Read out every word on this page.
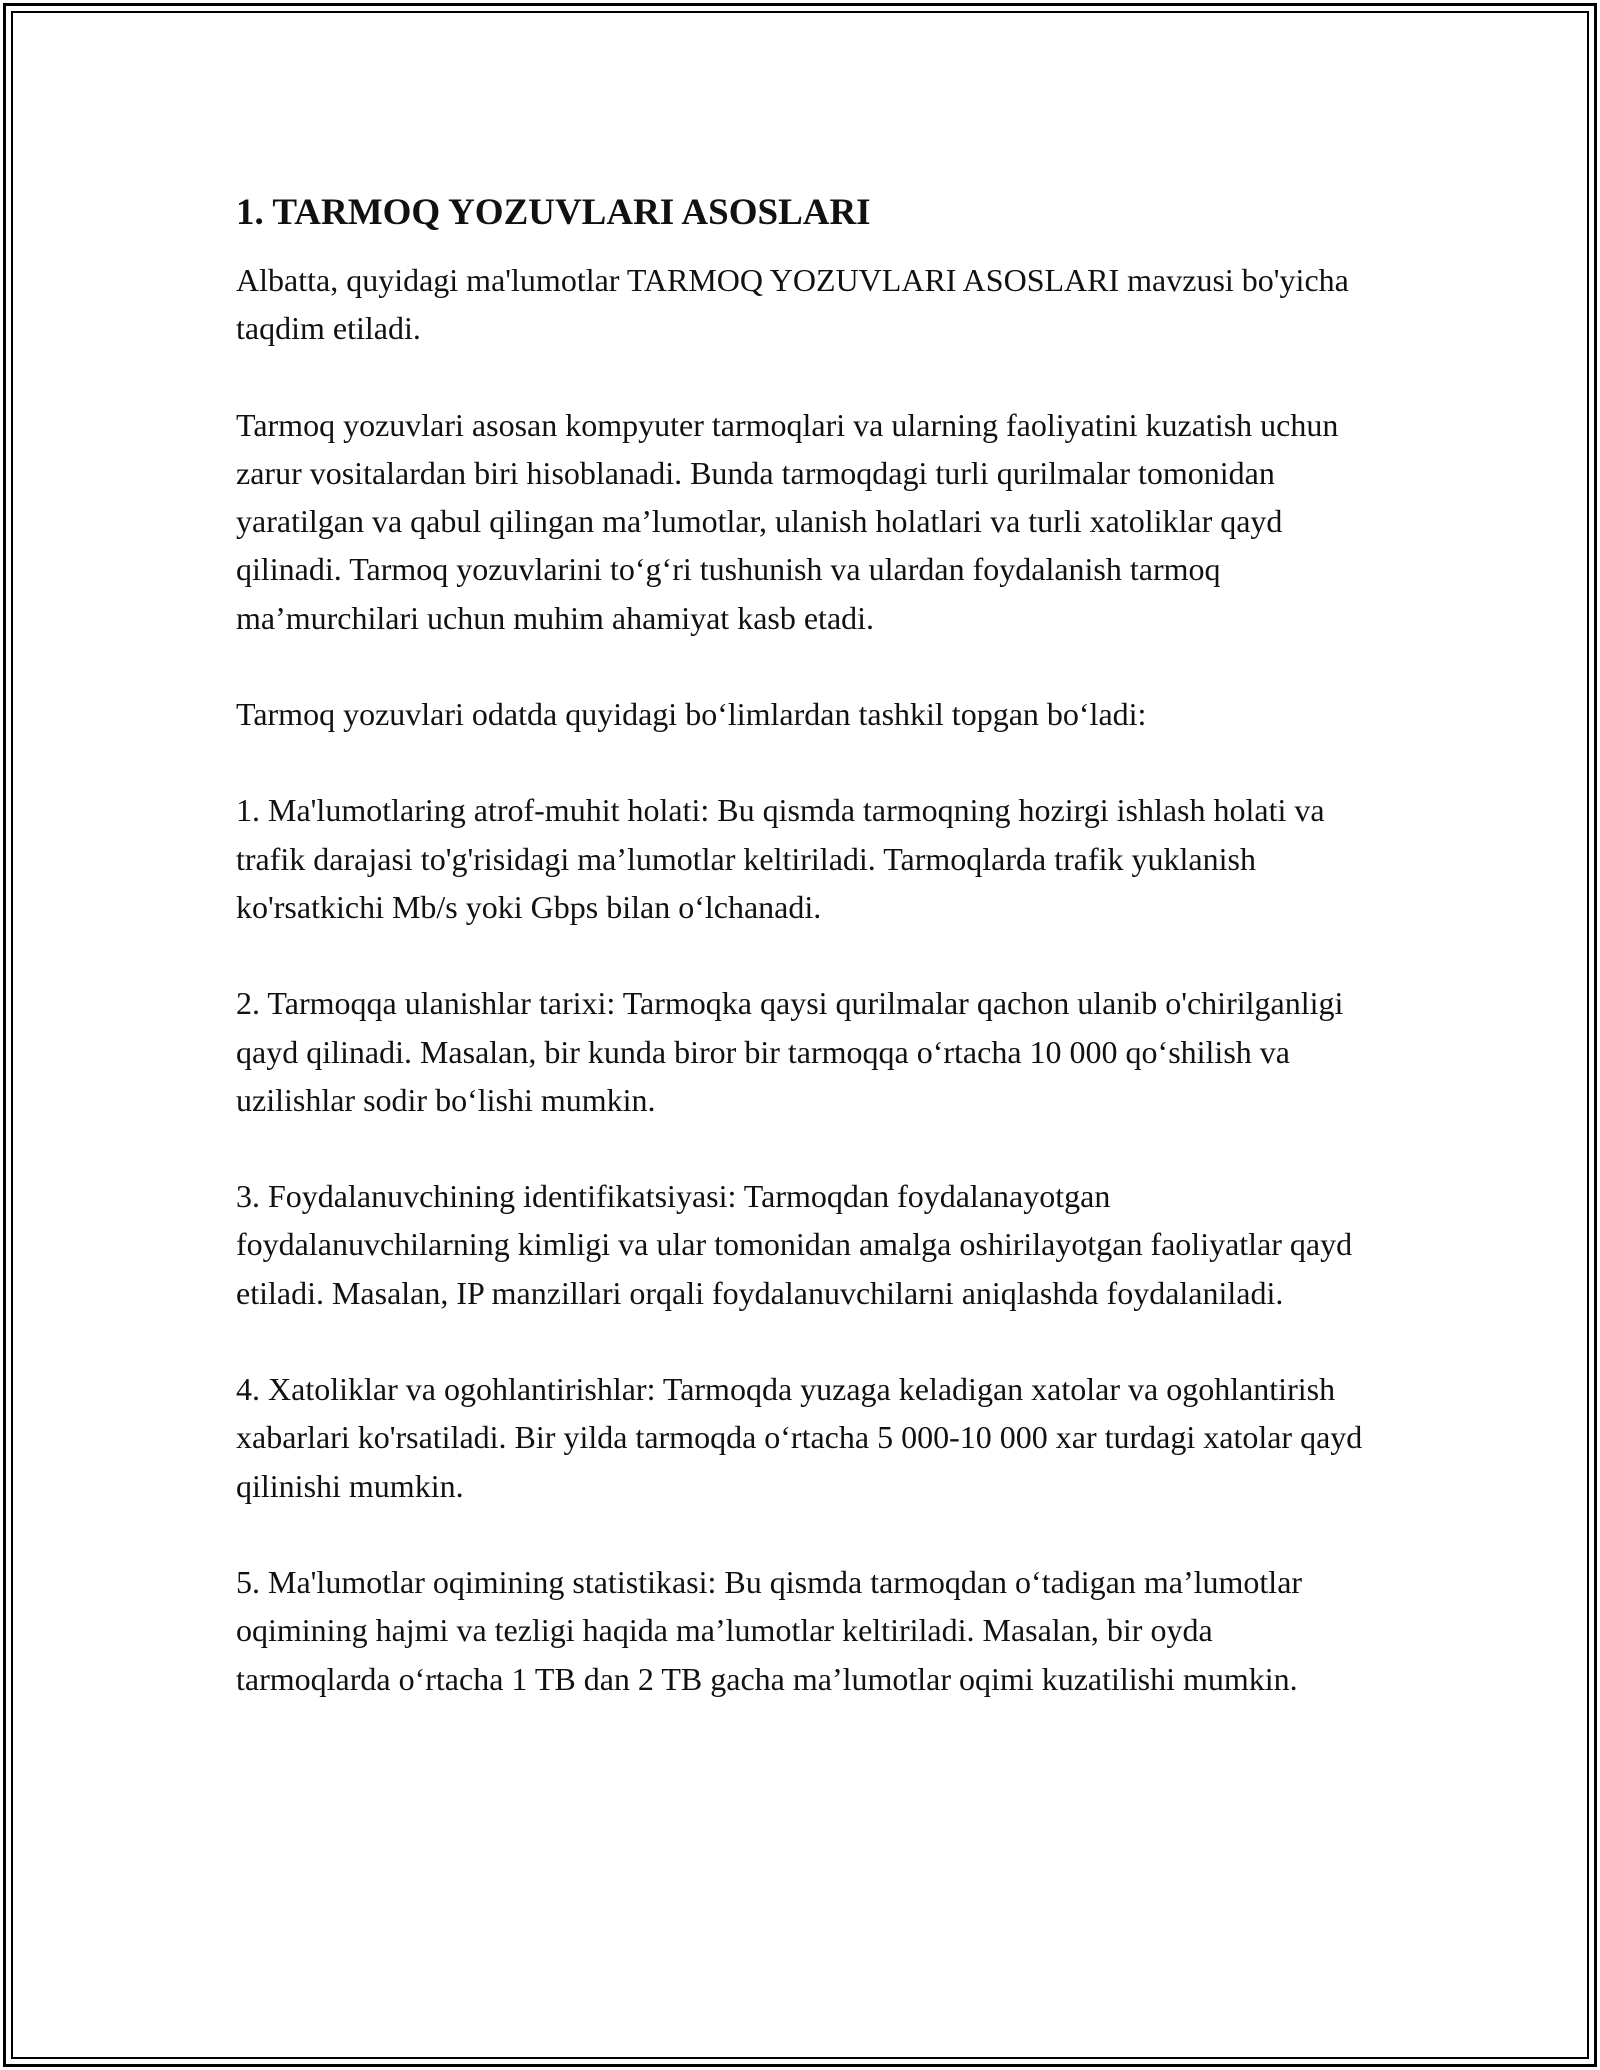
1. TARMOQ YOZUVLARI ASOSLARI

Albatta, quyidagi ma'lumotlar TARMOQ YOZUVLARI ASOSLARI mavzusi bo'yicha taqdim etiladi.

Tarmoq yozuvlari asosan kompyuter tarmoqlari va ularning faoliyatini kuzatish uchun zarur vositalardan biri hisoblanadi. Bunda tarmoqdagi turli qurilmalar tomonidan yaratilgan va qabul qilingan ma’lumotlar, ulanish holatlari va turli xatoliklar qayd qilinadi. Tarmoq yozuvlarini to‘g‘ri tushunish va ulardan foydalanish tarmoq ma’murchilari uchun muhim ahamiyat kasb etadi.

Tarmoq yozuvlari odatda quyidagi bo‘limlardan tashkil topgan bo‘ladi:

1. Ma'lumotlaring atrof-muhit holati: Bu qismda tarmoqning hozirgi ishlash holati va trafik darajasi to'g'risidagi ma’lumotlar keltiriladi. Tarmoqlarda trafik yuklanish ko'rsatkichi Mb/s yoki Gbps bilan o‘lchanadi.

2. Tarmoqqa ulanishlar tarixi: Tarmoqka qaysi qurilmalar qachon ulanib o'chirilganligi qayd qilinadi. Masalan, bir kunda biror bir tarmoqqa o‘rtacha 10 000 qo‘shilish va uzilishlar sodir bo‘lishi mumkin.

3. Foydalanuvchining identifikatsiyasi: Tarmoqdan foydalanayotgan foydalanuvchilarning kimligi va ular tomonidan amalga oshirilayotgan faoliyatlar qayd etiladi. Masalan, IP manzillari orqali foydalanuvchilarni aniqlashda foydalaniladi.

4. Xatoliklar va ogohlantirishlar: Tarmoqda yuzaga keladigan xatolar va ogohlantirish xabarlari ko'rsatiladi. Bir yilda tarmoqda o‘rtacha 5 000-10 000 xar turdagi xatolar qayd qilinishi mumkin.

5. Ma'lumotlar oqimining statistikasi: Bu qismda tarmoqdan o‘tadigan ma’lumotlar oqimining hajmi va tezligi haqida ma’lumotlar keltiriladi. Masalan, bir oyda tarmoqlarda o‘rtacha 1 TB dan 2 TB gacha ma’lumotlar oqimi kuzatilishi mumkin.
